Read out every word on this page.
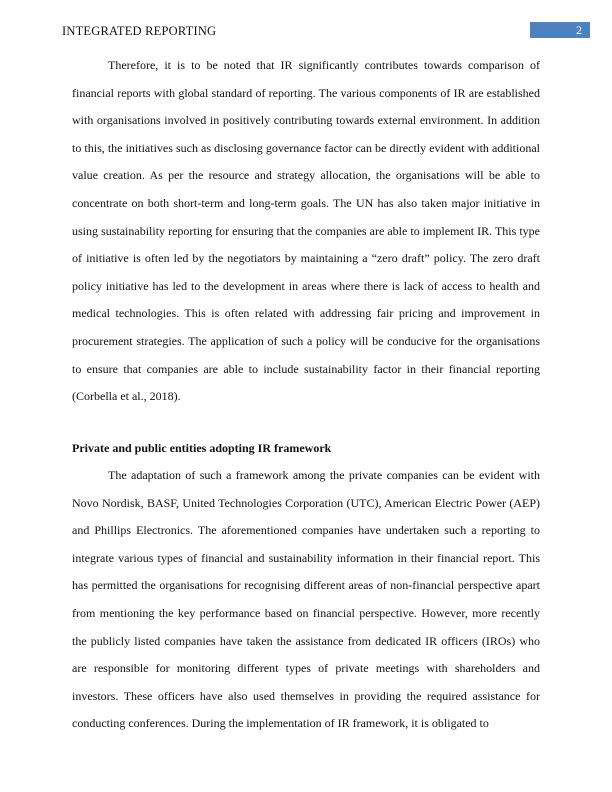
INTEGRATED REPORTING	2

Therefore, it is to be noted that IR significantly contributes towards comparison of financial reports with global standard of reporting. The various components of IR are established with organisations involved in positively contributing towards external environment. In addition to this, the initiatives such as disclosing governance factor can be directly evident with additional value creation. As per the resource and strategy allocation, the organisations will be able to concentrate on both short-term and long-term goals. The UN has also taken major initiative in using sustainability reporting for ensuring that the companies are able to implement IR. This type of initiative is often led by the negotiators by maintaining a “zero draft” policy. The zero draft policy initiative has led to the development in areas where there is lack of access to health and medical technologies. This is often related with addressing fair pricing and improvement in procurement strategies. The application of such a policy will be conducive for the organisations to ensure that companies are able to include sustainability factor in their financial reporting (Corbella et al., 2018).

Private and public entities adopting IR framework

The adaptation of such a framework among the private companies can be evident with Novo Nordisk, BASF, United Technologies Corporation (UTC), American Electric Power (AEP) and Phillips Electronics. The aforementioned companies have undertaken such a reporting to integrate various types of financial and sustainability information in their financial report. This has permitted the organisations for recognising different areas of non-financial perspective apart from mentioning the key performance based on financial perspective. However, more recently the publicly listed companies have taken the assistance from dedicated IR officers (IROs) who are responsible for monitoring different types of private meetings with shareholders and investors. These officers have also used themselves in providing the required assistance for conducting conferences. During the implementation of IR framework, it is obligated to
